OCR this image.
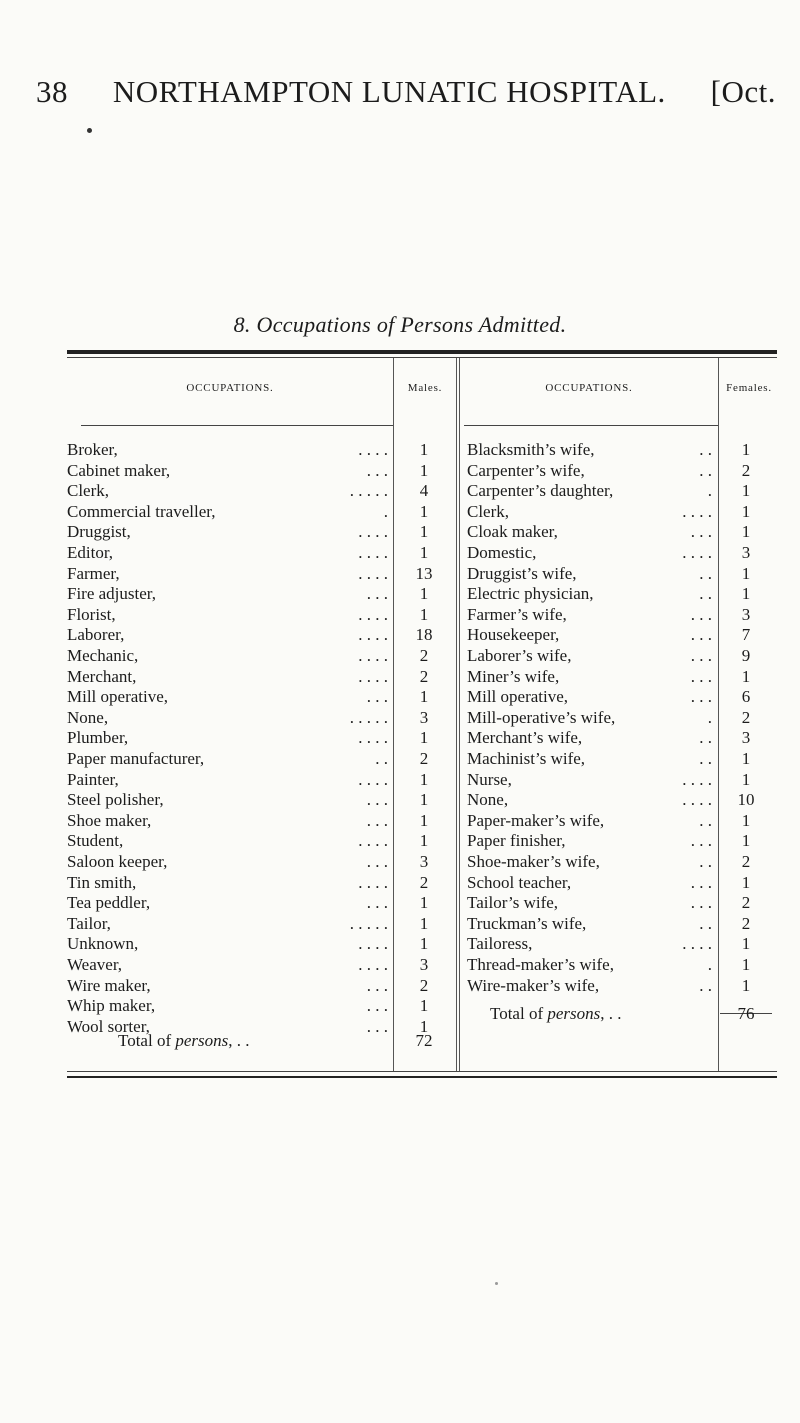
38 NORTHAMPTON LUNATIC HOSPITAL. [Oct.
8. Occupations of Persons Admitted.
OCCUPATIONS.	Males.	OCCUPATIONS.	Females.
Broker,	. . . .	1
Cabinet maker,	. . .	1
Clerk,	. . . . .	4
Commercial traveller,	.	1
Druggist,	. . . .	1
Editor,	. . . .	1
Farmer,	. . . .	13
Fire adjuster,	. . .	1
Florist,	. . . .	1
Laborer,	. . . .	18
Mechanic,	. . . .	2
Merchant,	. . . .	2
Mill operative,	. . .	1
None,	. . . . .	3
Plumber,	. . . .	1
Paper manufacturer,	. .	2
Painter,	. . . .	1
Steel polisher,	. . .	1
Shoe maker,	. . .	1
Student,	. . . .	1
Saloon keeper,	. . .	3
Tin smith,	. . . .	2
Tea peddler,	. . .	1
Tailor,	. . . . .	1
Unknown,	. . . .	1
Weaver,	. . . .	3
Wire maker,	. . .	2
Whip maker,	. . .	1
Wool sorter,	. . .	1
Blacksmith’s wife,	. .	1
Carpenter’s wife,	. .	2
Carpenter’s daughter,	.	1
Clerk,	. . . .	1
Cloak maker,	. . .	1
Domestic,	. . . .	3
Druggist’s wife,	. .	1
Electric physician,	. .	1
Farmer’s wife,	. . .	3
Housekeeper,	. . .	7
Laborer’s wife,	. . .	9
Miner’s wife,	. . .	1
Mill operative,	. . .	6
Mill-operative’s wife,	.	2
Merchant’s wife,	. .	3
Machinist’s wife,	. .	1
Nurse,	. . . .	1
None,	. . . .	10
Paper-maker’s wife,	. .	1
Paper finisher,	. . .	1
Shoe-maker’s wife,	. .	2
School teacher,	. . .	1
Tailor’s wife,	. . .	2
Truckman’s wife,	. .	2
Tailoress,	. . . .	1
Thread-maker’s wife,	.	1
Wire-maker’s wife,	. .	1
Total of persons, . .	72
Total of persons, . .	76
